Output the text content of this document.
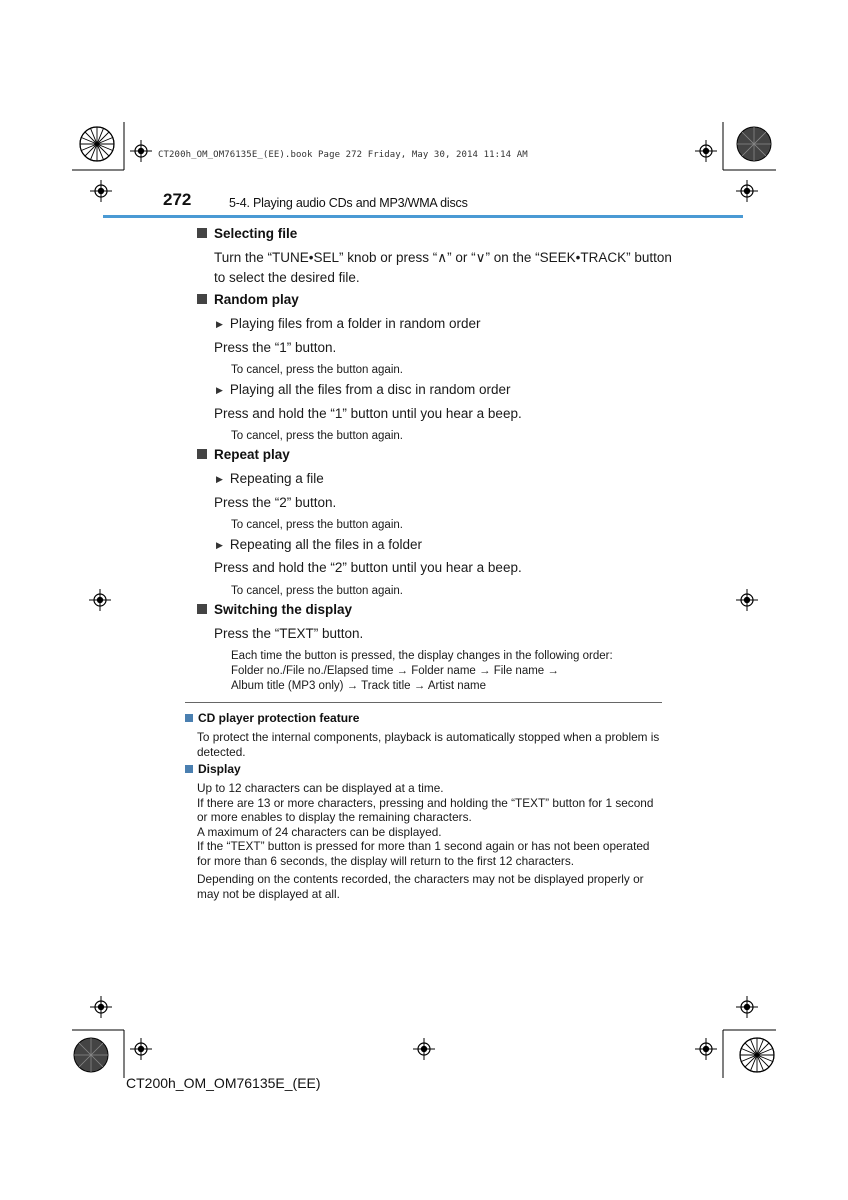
CT200h_OM_OM76135E_(EE).book Page 272 Friday, May 30, 2014 11:14 AM
272	5-4. Playing audio CDs and MP3/WMA discs
Selecting file
Turn the “TUNE•SEL” knob or press “∧” or “∨” on the “SEEK•TRACK” button
to select the desired file.
Random play
▶ Playing files from a folder in random order
Press the “1” button.
To cancel, press the button again.
▶ Playing all the files from a disc in random order
Press and hold the “1” button until you hear a beep.
To cancel, press the button again.
Repeat play
▶ Repeating a file
Press the “2” button.
To cancel, press the button again.
▶ Repeating all the files in a folder
Press and hold the “2” button until you hear a beep.
To cancel, press the button again.
Switching the display
Press the “TEXT” button.
Each time the button is pressed, the display changes in the following order:
Folder no./File no./Elapsed time → Folder name → File name →
Album title (MP3 only) → Track title → Artist name
CD player protection feature
To protect the internal components, playback is automatically stopped when a problem is
detected.
Display
Up to 12 characters can be displayed at a time.
If there are 13 or more characters, pressing and holding the “TEXT” button for 1 second
or more enables to display the remaining characters.
A maximum of 24 characters can be displayed.
If the “TEXT” button is pressed for more than 1 second again or has not been operated
for more than 6 seconds, the display will return to the first 12 characters.
Depending on the contents recorded, the characters may not be displayed properly or
may not be displayed at all.
CT200h_OM_OM76135E_(EE)
